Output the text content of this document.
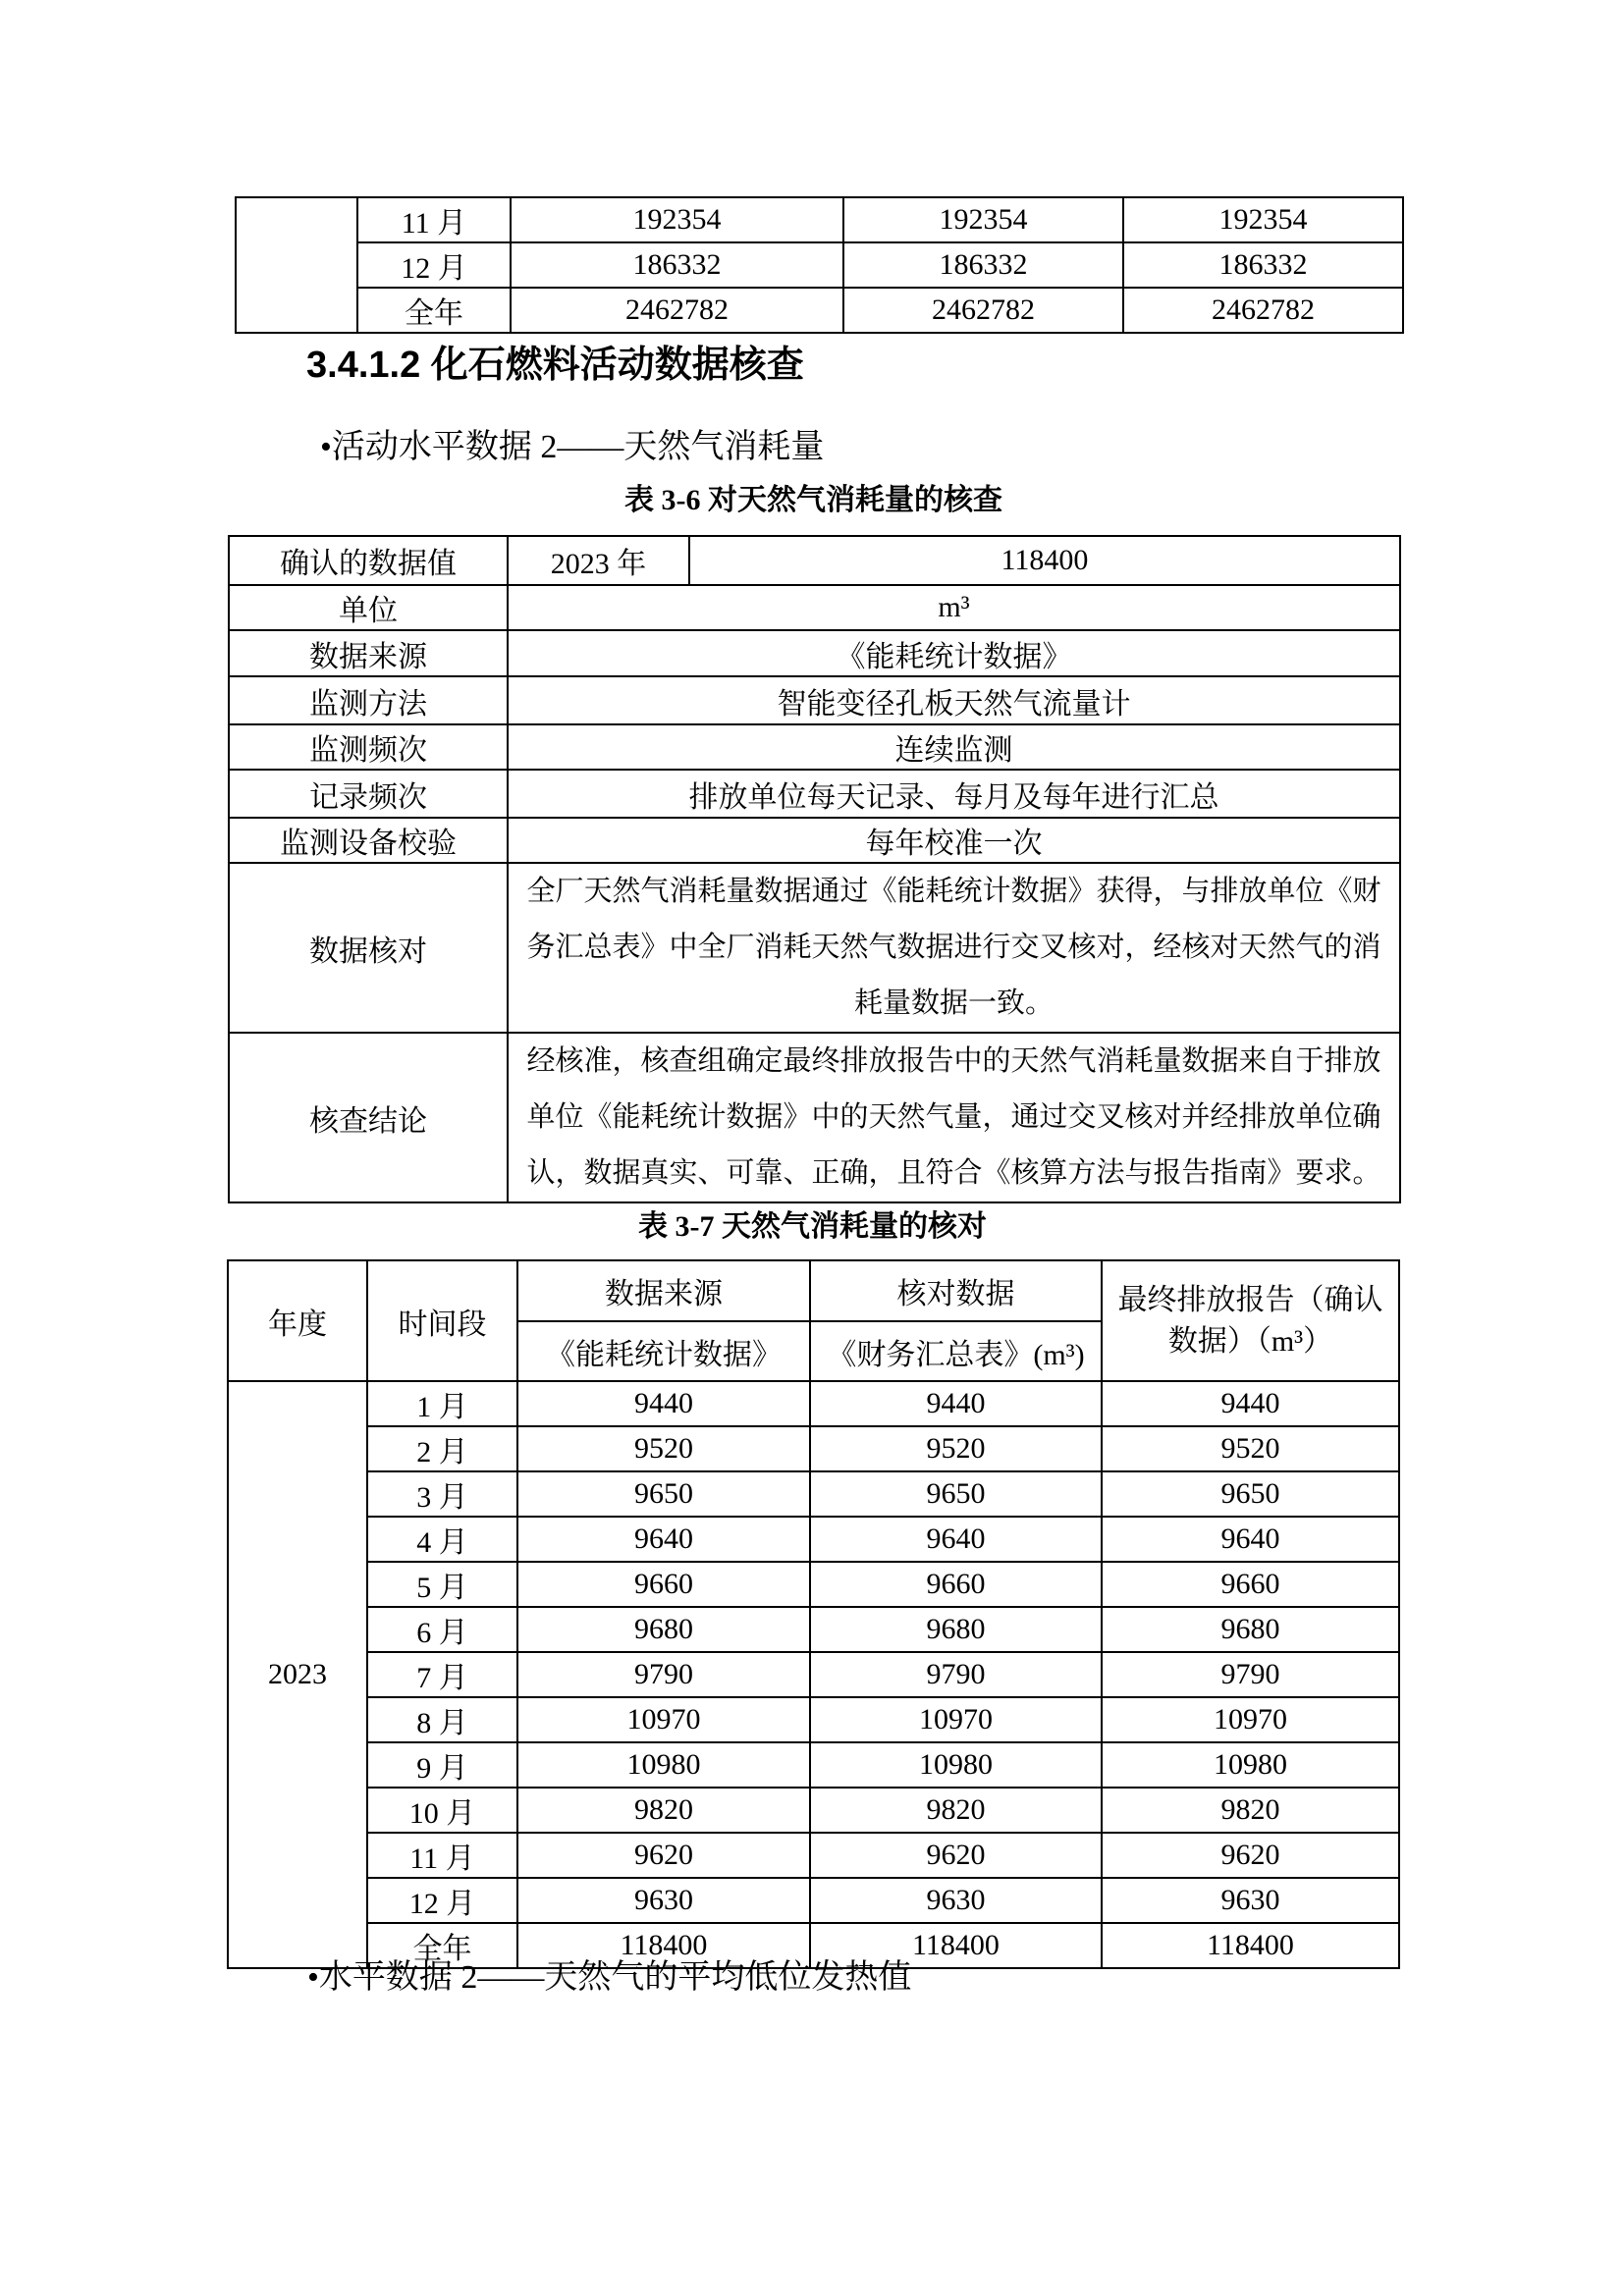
	11 月	192354	192354	192354
	12 月	186332	186332	186332
	全年	2462782	2462782	2462782
3.4.1.2 化石燃料活动数据核查
•活动水平数据 2——天然气消耗量
表 3-6 对天然气消耗量的核查
确认的数据值	2023 年	118400
单位	m³	
数据来源	《能耗统计数据》	
监测方法	智能变径孔板天然气流量计	
监测频次	连续监测	
记录频次	排放单位每天记录、每月及每年进行汇总	
监测设备校验	每年校准一次	
数据核对	全厂天然气消耗量数据通过《能耗统计数据》获得，与排放单位《财务汇总表》中全厂消耗天然气数据进行交叉核对，经核对天然气的消耗量数据一致。	
核查结论	经核准，核查组确定最终排放报告中的天然气消耗量数据来自于排放单位《能耗统计数据》中的天然气量，通过交叉核对并经排放单位确认，数据真实、可靠、正确，且符合《核算方法与报告指南》要求。	
表 3-7 天然气消耗量的核对
年度	时间段	数据来源	核对数据	最终排放报告（确认数据）（m³）
		《能耗统计数据》	《财务汇总表》(m³)	
2023	1 月	9440	9440	9440
	2 月	9520	9520	9520
	3 月	9650	9650	9650
	4 月	9640	9640	9640
	5 月	9660	9660	9660
	6 月	9680	9680	9680
	7 月	9790	9790	9790
	8 月	10970	10970	10970
	9 月	10980	10980	10980
	10 月	9820	9820	9820
	11 月	9620	9620	9620
	12 月	9630	9630	9630
	全年	118400	118400	118400
•水平数据 2——天然气的平均低位发热值
